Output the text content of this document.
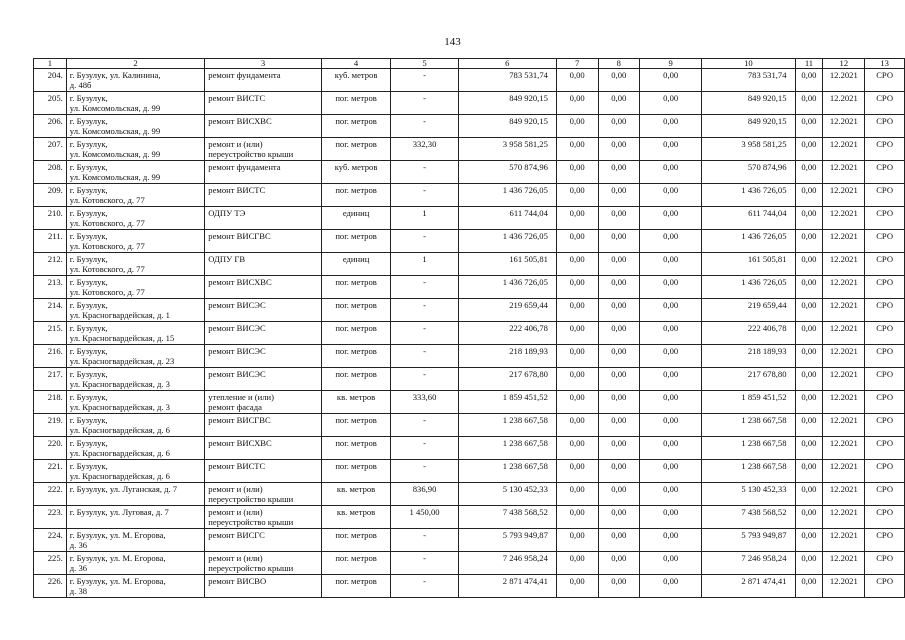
143
1	2	3	4	5	6	7	8	9	10	11	12	13
204.	г. Бузулук, ул. Калинина,
д. 48б	ремонт фундамента	куб. метров	-	783 531,74	0,00	0,00	0,00	783 531,74	0,00	12.2021	СРО
205.	г. Бузулук,
ул. Комсомольская, д. 99	ремонт ВИСТС	пог. метров	-	849 920,15	0,00	0,00	0,00	849 920,15	0,00	12.2021	СРО
206.	г. Бузулук,
ул. Комсомольская, д. 99	ремонт ВИСХВС	пог. метров	-	849 920,15	0,00	0,00	0,00	849 920,15	0,00	12.2021	СРО
207.	г. Бузулук,
ул. Комсомольская, д. 99	ремонт и (или)
переустройство крыши	пог. метров	332,30	3 958 581,25	0,00	0,00	0,00	3 958 581,25	0,00	12.2021	СРО
208.	г. Бузулук,
ул. Комсомольская, д. 99	ремонт фундамента	куб. метров	-	570 874,96	0,00	0,00	0,00	570 874,96	0,00	12.2021	СРО
209.	г. Бузулук,
ул. Котовского, д. 77	ремонт ВИСТС	пог. метров	-	1 436 726,05	0,00	0,00	0,00	1 436 726,05	0,00	12.2021	СРО
210.	г. Бузулук,
ул. Котовского, д. 77	ОДПУ ТЭ	единиц	1	611 744,04	0,00	0,00	0,00	611 744,04	0,00	12.2021	СРО
211.	г. Бузулук,
ул. Котовского, д. 77	ремонт ВИСГВС	пог. метров	-	1 436 726,05	0,00	0,00	0,00	1 436 726,05	0,00	12.2021	СРО
212.	г. Бузулук,
ул. Котовского, д. 77	ОДПУ ГВ	единиц	1	161 505,81	0,00	0,00	0,00	161 505,81	0,00	12.2021	СРО
213.	г. Бузулук,
ул. Котовского, д. 77	ремонт ВИСХВС	пог. метров	-	1 436 726,05	0,00	0,00	0,00	1 436 726,05	0,00	12.2021	СРО
214.	г. Бузулук,
ул. Красногвардейская, д. 1	ремонт ВИСЭС	пог. метров	-	219 659,44	0,00	0,00	0,00	219 659,44	0,00	12.2021	СРО
215.	г. Бузулук,
ул. Красногвардейская, д. 15	ремонт ВИСЭС	пог. метров	-	222 406,78	0,00	0,00	0,00	222 406,78	0,00	12.2021	СРО
216.	г. Бузулук,
ул. Красногвардейская, д. 23	ремонт ВИСЭС	пог. метров	-	218 189,93	0,00	0,00	0,00	218 189,93	0,00	12.2021	СРО
217.	г. Бузулук,
ул. Красногвардейская, д. 3	ремонт ВИСЭС	пог. метров	-	217 678,80	0,00	0,00	0,00	217 678,80	0,00	12.2021	СРО
218.	г. Бузулук,
ул. Красногвардейская, д. 3	утепление и (или)
ремонт фасада	кв. метров	333,60	1 859 451,52	0,00	0,00	0,00	1 859 451,52	0,00	12.2021	СРО
219.	г. Бузулук,
ул. Красногвардейская, д. 6	ремонт ВИСГВС	пог. метров	-	1 238 667,58	0,00	0,00	0,00	1 238 667,58	0,00	12.2021	СРО
220.	г. Бузулук,
ул. Красногвардейская, д. 6	ремонт ВИСХВС	пог. метров	-	1 238 667,58	0,00	0,00	0,00	1 238 667,58	0,00	12.2021	СРО
221.	г. Бузулук,
ул. Красногвардейская, д. 6	ремонт ВИСТС	пог. метров	-	1 238 667,58	0,00	0,00	0,00	1 238 667,58	0,00	12.2021	СРО
222.	г. Бузулук, ул. Луганская, д. 7	ремонт и (или)
переустройство крыши	кв. метров	836,90	5 130 452,33	0,00	0,00	0,00	5 130 452,33	0,00	12.2021	СРО
223.	г. Бузулук, ул. Луговая, д. 7	ремонт и (или)
переустройство крыши	кв. метров	1 450,00	7 438 568,52	0,00	0,00	0,00	7 438 568,52	0,00	12.2021	СРО
224.	г. Бузулук, ул. М. Егорова,
д. 36	ремонт ВИСГС	пог. метров	-	5 793 949,87	0,00	0,00	0,00	5 793 949,87	0,00	12.2021	СРО
225.	г. Бузулук, ул. М. Егорова,
д. 36	ремонт и (или)
переустройство крыши	пог. метров	-	7 246 958,24	0,00	0,00	0,00	7 246 958,24	0,00	12.2021	СРО
226.	г. Бузулук, ул. М. Егорова,
д. 38	ремонт ВИСВО	пог. метров	-	2 871 474,41	0,00	0,00	0,00	2 871 474,41	0,00	12.2021	СРО
